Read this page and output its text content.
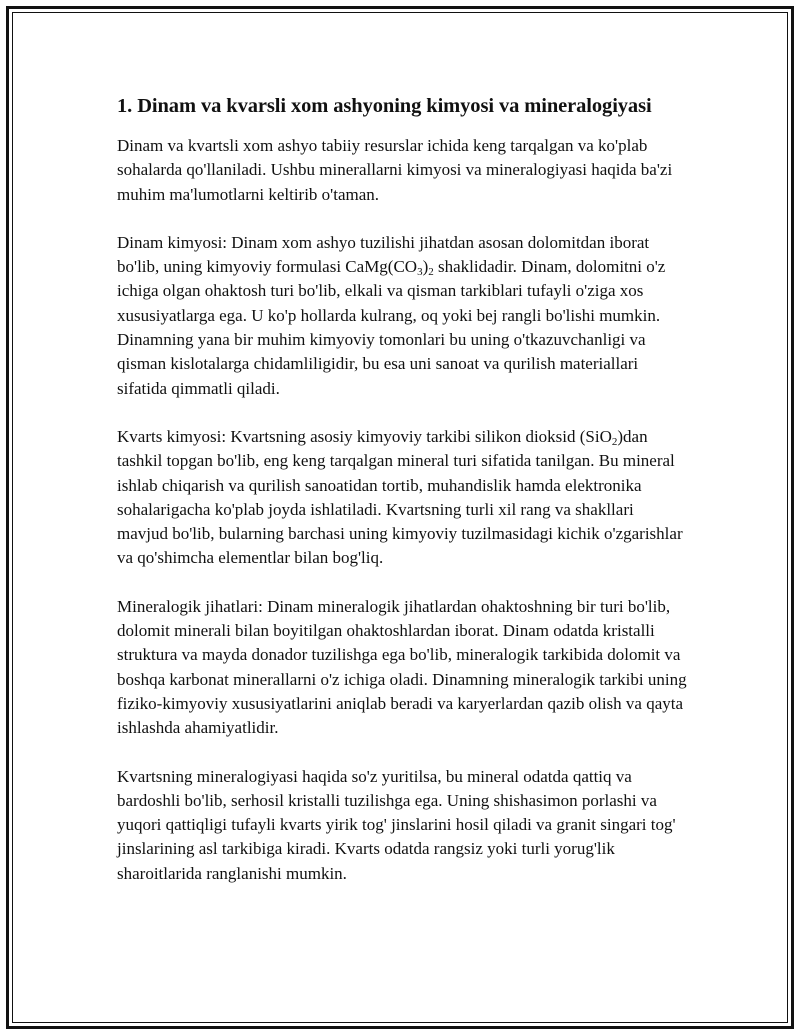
1. Dinam va kvarsli xom ashyoning kimyosi va mineralogiyasi

Dinam va kvartsli xom ashyo tabiiy resurslar ichida keng tarqalgan va ko'plab sohalarda qo'llaniladi. Ushbu minerallarni kimyosi va mineralogiyasi haqida ba'zi muhim ma'lumotlarni keltirib o'taman.

Dinam kimyosi: Dinam xom ashyo tuzilishi jihatdan asosan dolomitdan iborat bo'lib, uning kimyoviy formulasi $CaMg(CO_3)_2$ shaklidadir. Dinam, dolomitni o'z ichiga olgan ohaktosh turi bo'lib, elkali va qisman tarkiblari tufayli o'ziga xos xususiyatlarga ega. U ko'p hollarda kulrang, oq yoki bej rangli bo'lishi mumkin. Dinamning yana bir muhim kimyoviy tomonlari bu uning o'tkazuvchanligi va qisman kislotalarga chidamliligidir, bu esa uni sanoat va qurilish materiallari sifatida qimmatli qiladi.

Kvarts kimyosi: Kvartsning asosiy kimyoviy tarkibi silikon dioksid (SiO$_2$)dan tashkil topgan bo'lib, eng keng tarqalgan mineral turi sifatida tanilgan. Bu mineral ishlab chiqarish va qurilish sanoatidan tortib, muhandislik hamda elektronika sohalarigacha ko'plab joyda ishlatiladi. Kvartsning turli xil rang va shakllari mavjud bo'lib, bularning barchasi uning kimyoviy tuzilmasidagi kichik o'zgarishlar va qo'shimcha elementlar bilan bog'liq.

Mineralogik jihatlari: Dinam mineralogik jihatlardan ohaktoshning bir turi bo'lib, dolomit minerali bilan boyitilgan ohaktoshlardan iborat. Dinam odatda kristalli struktura va mayda donador tuzilishga ega bo'lib, mineralogik tarkibida dolomit va boshqa karbonat minerallarni o'z ichiga oladi. Dinamning mineralogik tarkibi uning fiziko-kimyoviy xususiyatlarini aniqlab beradi va karyerlardan qazib olish va qayta ishlashda ahamiyatlidir.

Kvartsning mineralogiyasi haqida so'z yuritilsa, bu mineral odatda qattiq va bardoshli bo'lib, serhosil kristalli tuzilishga ega. Uning shishasimon porlashi va yuqori qattiqligi tufayli kvarts yirik tog' jinslarini hosil qiladi va granit singari tog' jinslarining asl tarkibiga kiradi. Kvarts odatda rangsiz yoki turli yorug'lik sharoitlarida ranglanishi mumkin.
